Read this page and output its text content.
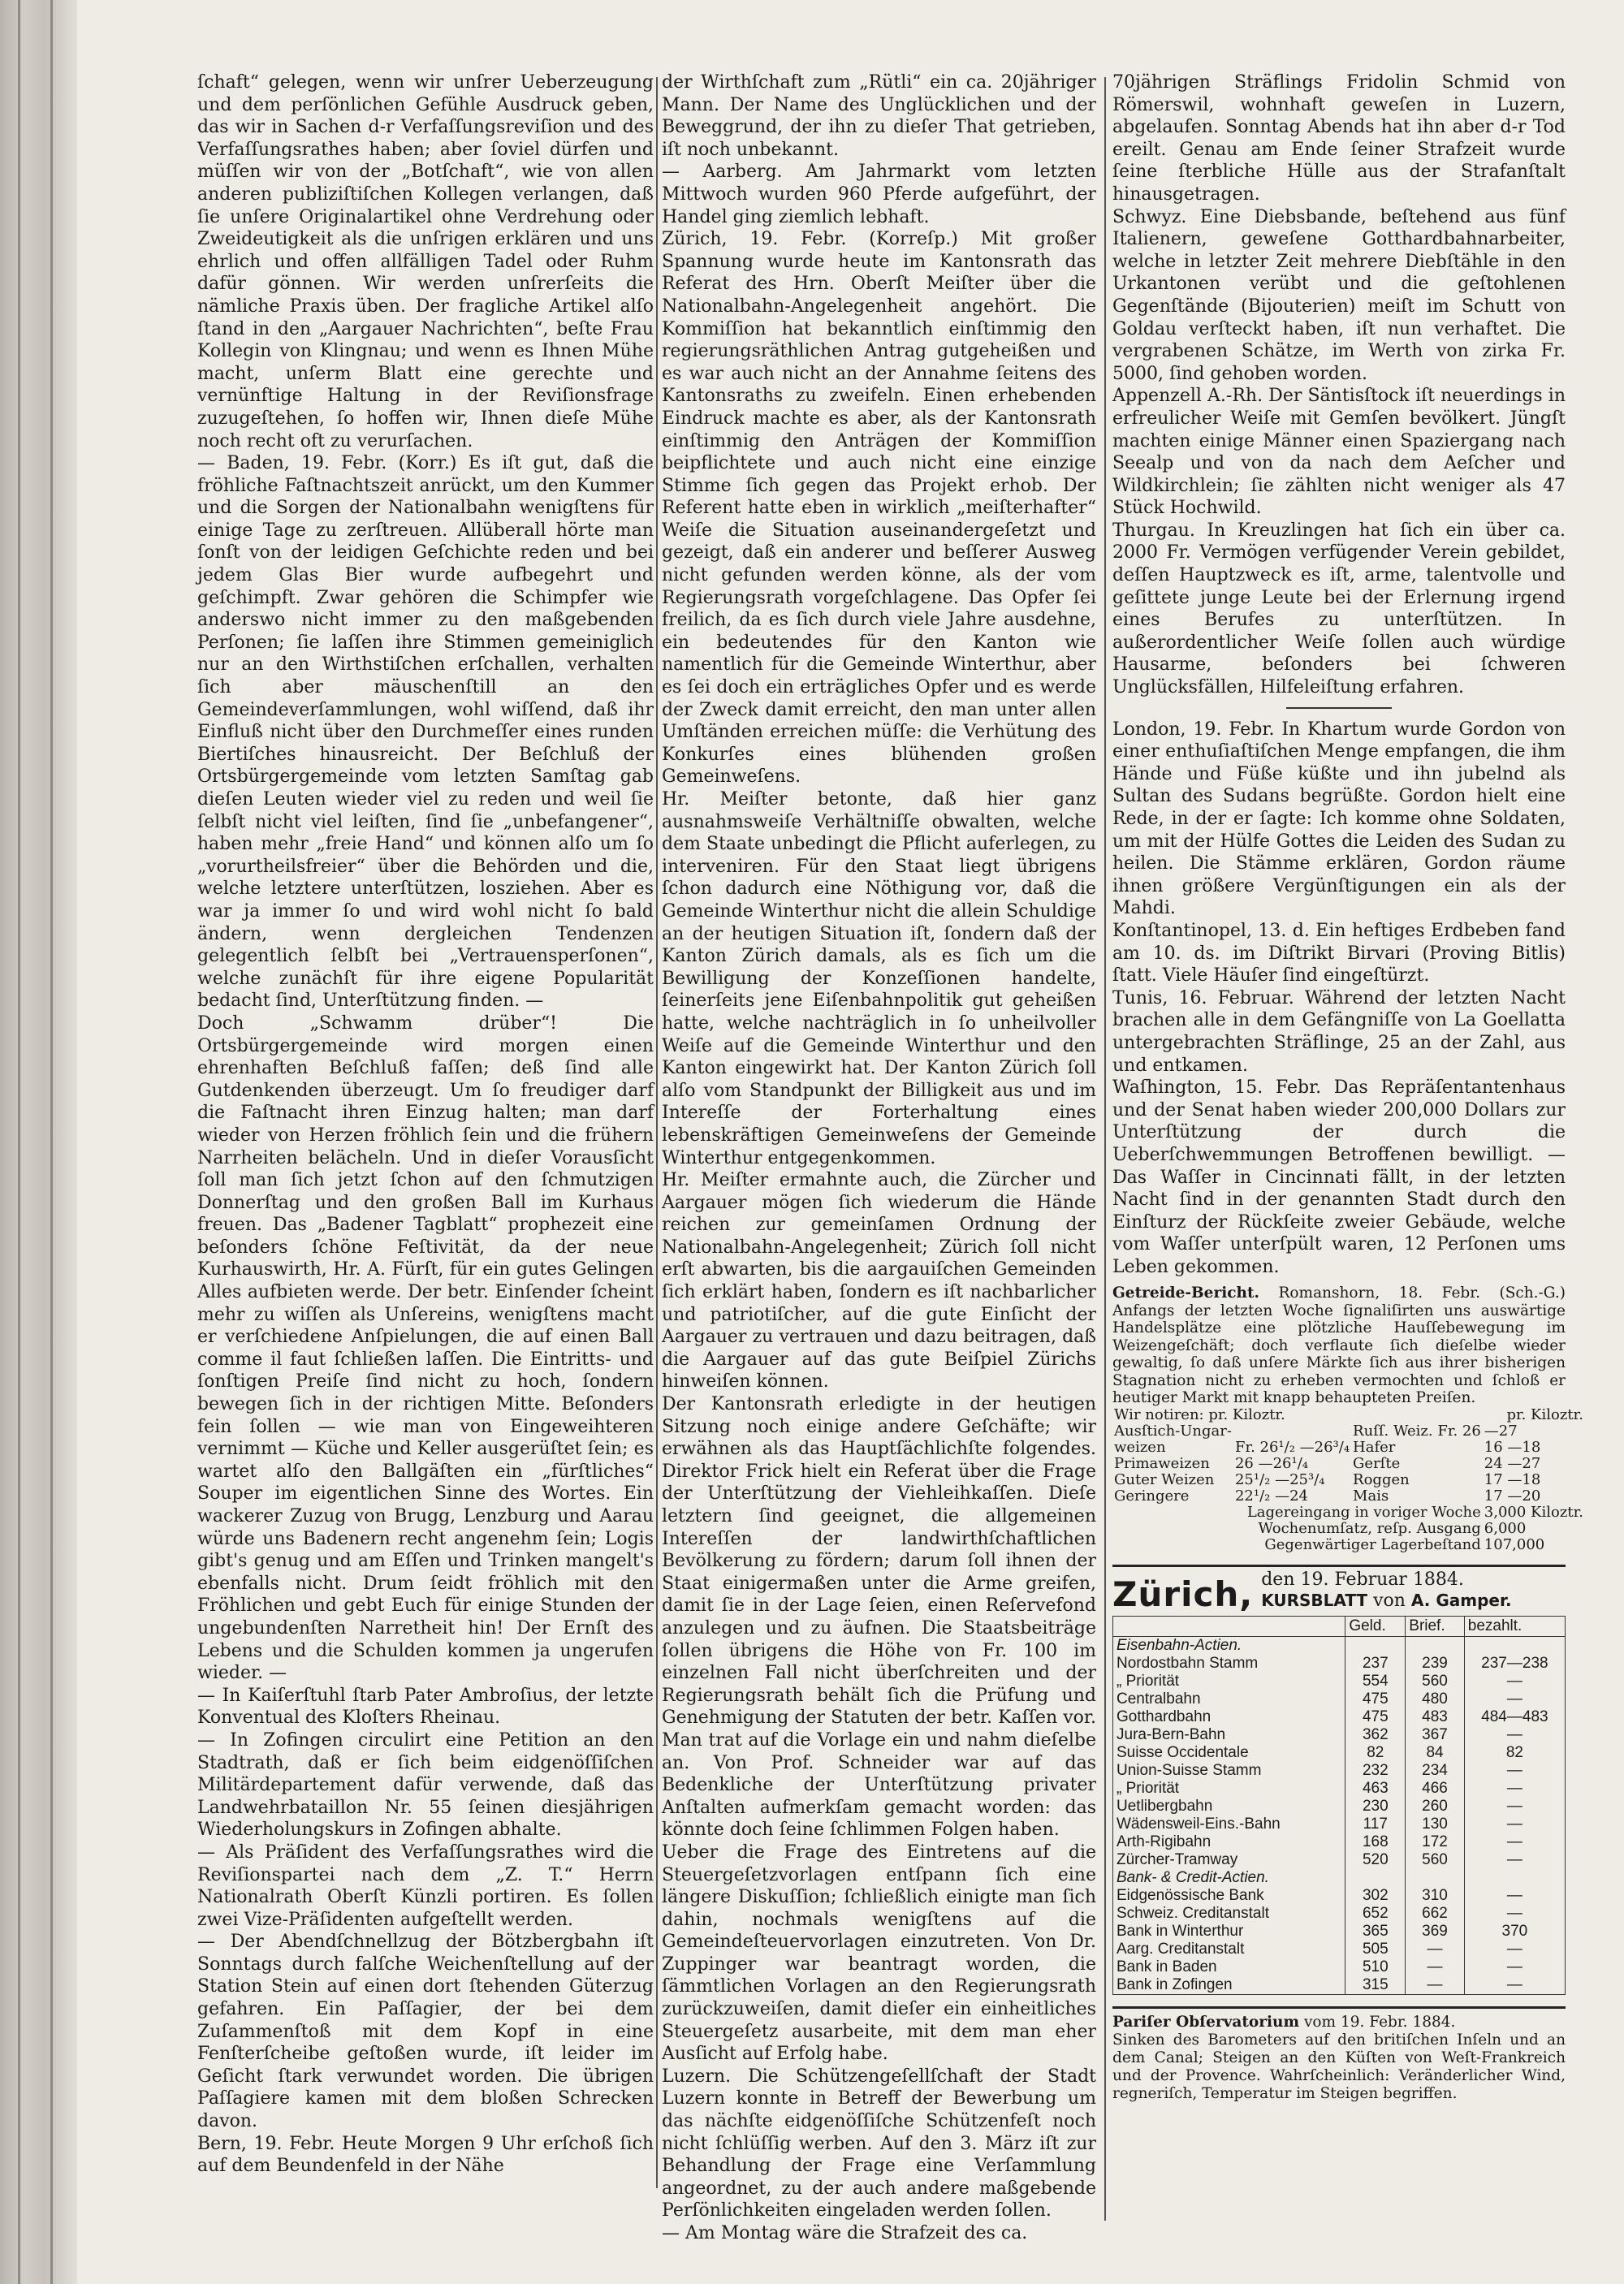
ſchaft“ gelegen, wenn wir unſrer Ueberzeugung und dem perſönlichen Gefühle Ausdruck geben, das wir in Sachen d-r Verfaſſungsreviſion und des Verfaſſungsrathes haben; aber ſoviel dürfen und müſſen wir von der „Botſchaft“, wie von allen anderen publiziſtiſchen Kollegen verlangen, daß ſie unſere Originalartikel ohne Verdrehung oder Zweideutigkeit als die unſrigen erklären und uns ehrlich und offen allfälligen Tadel oder Ruhm dafür gönnen. Wir werden unſrerſeits die nämliche Praxis üben. Der fragliche Artikel alſo ſtand in den „Aargauer Nachrichten“, beſte Frau Kollegin von Klingnau; und wenn es Ihnen Mühe macht, unſerm Blatt eine gerechte und vernünftige Haltung in der Reviſionsfrage zuzugeſtehen, ſo hoffen wir, Ihnen dieſe Mühe noch recht oft zu verurſachen.

— Baden, 19. Febr. (Korr.) Es iſt gut, daß die fröhliche Faſtnachtszeit anrückt, um den Kummer und die Sorgen der Nationalbahn wenigſtens für einige Tage zu zerſtreuen. Allüberall hörte man ſonſt von der leidigen Geſchichte reden und bei jedem Glas Bier wurde aufbegehrt und geſchimpft. Zwar gehören die Schimpfer wie anderswo nicht immer zu den maßgebenden Perſonen; ſie laſſen ihre Stimmen gemeiniglich nur an den Wirthstiſchen erſchallen, verhalten ſich aber mäuschenſtill an den Gemeindeverſammlungen, wohl wiſſend, daß ihr Einfluß nicht über den Durchmeſſer eines runden Biertiſches hinausreicht. Der Beſchluß der Ortsbürgergemeinde vom letzten Samſtag gab dieſen Leuten wieder viel zu reden und weil ſie ſelbſt nicht viel leiſten, ſind ſie „unbefangener“, haben mehr „freie Hand“ und können alſo um ſo „vorurtheilsfreier“ über die Behörden und die, welche letztere unterſtützen, losziehen. Aber es war ja immer ſo und wird wohl nicht ſo bald ändern, wenn dergleichen Tendenzen gelegentlich ſelbſt bei „Vertrauensperſonen“, welche zunächſt für ihre eigene Popularität bedacht ſind, Unterſtützung finden. —

Doch „Schwamm drüber“! Die Ortsbürgergemeinde wird morgen einen ehrenhaften Beſchluß faſſen; deß ſind alle Gutdenkenden überzeugt. Um ſo freudiger darf die Faſtnacht ihren Einzug halten; man darf wieder von Herzen fröhlich ſein und die frühern Narrheiten belächeln. Und in dieſer Vorausſicht ſoll man ſich jetzt ſchon auf den ſchmutzigen Donnerſtag und den großen Ball im Kurhaus freuen. Das „Badener Tagblatt“ prophezeit eine beſonders ſchöne Feſtivität, da der neue Kurhauswirth, Hr. A. Fürſt, für ein gutes Gelingen Alles aufbieten werde. Der betr. Einſender ſcheint mehr zu wiſſen als Unſereins, wenigſtens macht er verſchiedene Anſpielungen, die auf einen Ball comme il faut ſchließen laſſen. Die Eintritts- und ſonſtigen Preiſe ſind nicht zu hoch, ſondern bewegen ſich in der richtigen Mitte. Beſonders fein ſollen — wie man von Eingeweihteren vernimmt — Küche und Keller ausgerüſtet ſein; es wartet alſo den Ballgäſten ein „fürſtliches“ Souper im eigentlichen Sinne des Wortes. Ein wackerer Zuzug von Brugg, Lenzburg und Aarau würde uns Badenern recht angenehm ſein; Logis gibt's genug und am Eſſen und Trinken mangelt's ebenfalls nicht. Drum ſeidt fröhlich mit den Fröhlichen und gebt Euch für einige Stunden der ungebundenſten Narretheit hin! Der Ernſt des Lebens und die Schulden kommen ja ungerufen wieder. —

— In Kaiſerſtuhl ſtarb Pater Ambroſius, der letzte Konventual des Kloſters Rheinau.

— In Zofingen circulirt eine Petition an den Stadtrath, daß er ſich beim eidgenöſſiſchen Militärdepartement dafür verwende, daß das Landwehrbataillon Nr. 55 ſeinen diesjährigen Wiederholungskurs in Zofingen abhalte.

— Als Präſident des Verfaſſungsrathes wird die Reviſionspartei nach dem „Z. T.“ Herrn Nationalrath Oberſt Künzli portiren. Es ſollen zwei Vize-Präſidenten aufgeſtellt werden.

— Der Abendſchnellzug der Bötzbergbahn iſt Sonntags durch falſche Weichenſtellung auf der Station Stein auf einen dort ſtehenden Güterzug gefahren. Ein Paſſagier, der bei dem Zuſammenſtoß mit dem Kopf in eine Fenſterſcheibe geſtoßen wurde, iſt leider im Geſicht ſtark verwundet worden. Die übrigen Paſſagiere kamen mit dem bloßen Schrecken davon.

Bern, 19. Febr. Heute Morgen 9 Uhr erſchoß ſich auf dem Beundenfeld in der Nähe

der Wirthſchaft zum „Rütli“ ein ca. 20jähriger Mann. Der Name des Unglücklichen und der Beweggrund, der ihn zu dieſer That getrieben, iſt noch unbekannt.

— Aarberg. Am Jahrmarkt vom letzten Mittwoch wurden 960 Pferde aufgeführt, der Handel ging ziemlich lebhaft.

Zürich, 19. Febr. (Korreſp.) Mit großer Spannung wurde heute im Kantonsrath das Referat des Hrn. Oberſt Meiſter über die Nationalbahn-Angelegenheit angehört. Die Kommiſſion hat bekanntlich einſtimmig den regierungsräthlichen Antrag gutgeheißen und es war auch nicht an der Annahme ſeitens des Kantonsraths zu zweifeln. Einen erhebenden Eindruck machte es aber, als der Kantonsrath einſtimmig den Anträgen der Kommiſſion beipflichtete und auch nicht eine einzige Stimme ſich gegen das Projekt erhob. Der Referent hatte eben in wirklich „meiſterhafter“ Weiſe die Situation auseinandergeſetzt und gezeigt, daß ein anderer und beſſerer Ausweg nicht gefunden werden könne, als der vom Regierungsrath vorgeſchlagene. Das Opfer ſei freilich, da es ſich durch viele Jahre ausdehne, ein bedeutendes für den Kanton wie namentlich für die Gemeinde Winterthur, aber es ſei doch ein erträgliches Opfer und es werde der Zweck damit erreicht, den man unter allen Umſtänden erreichen müſſe: die Verhütung des Konkurſes eines blühenden großen Gemeinweſens.

Hr. Meiſter betonte, daß hier ganz ausnahmsweiſe Verhältniſſe obwalten, welche dem Staate unbedingt die Pflicht auferlegen, zu interveniren. Für den Staat liegt übrigens ſchon dadurch eine Nöthigung vor, daß die Gemeinde Winterthur nicht die allein Schuldige an der heutigen Situation iſt, ſondern daß der Kanton Zürich damals, als es ſich um die Bewilligung der Konzeſſionen handelte, ſeinerſeits jene Eiſenbahnpolitik gut geheißen hatte, welche nachträglich in ſo unheilvoller Weiſe auf die Gemeinde Winterthur und den Kanton eingewirkt hat. Der Kanton Zürich ſoll alſo vom Standpunkt der Billigkeit aus und im Intereſſe der Forterhaltung eines lebenskräftigen Gemeinweſens der Gemeinde Winterthur entgegenkommen.

Hr. Meiſter ermahnte auch, die Zürcher und Aargauer mögen ſich wiederum die Hände reichen zur gemeinſamen Ordnung der Nationalbahn-Angelegenheit; Zürich ſoll nicht erſt abwarten, bis die aargauiſchen Gemeinden ſich erklärt haben, ſondern es iſt nachbarlicher und patriotiſcher, auf die gute Einſicht der Aargauer zu vertrauen und dazu beitragen, daß die Aargauer auf das gute Beiſpiel Zürichs hinweiſen können.

Der Kantonsrath erledigte in der heutigen Sitzung noch einige andere Geſchäfte; wir erwähnen als das Hauptſächlichſte folgendes. Direktor Frick hielt ein Referat über die Frage der Unterſtützung der Viehleihkaſſen. Dieſe letztern ſind geeignet, die allgemeinen Intereſſen der landwirthſchaftlichen Bevölkerung zu fördern; darum ſoll ihnen der Staat einigermaßen unter die Arme greifen, damit ſie in der Lage ſeien, einen Reſervefond anzulegen und zu äufnen. Die Staatsbeiträge ſollen übrigens die Höhe von Fr. 100 im einzelnen Fall nicht überſchreiten und der Regierungsrath behält ſich die Prüfung und Genehmigung der Statuten der betr. Kaſſen vor. Man trat auf die Vorlage ein und nahm dieſelbe an. Von Prof. Schneider war auf das Bedenkliche der Unterſtützung privater Anſtalten aufmerkſam gemacht worden: das könnte doch ſeine ſchlimmen Folgen haben.

Ueber die Frage des Eintretens auf die Steuergeſetzvorlagen entſpann ſich eine längere Diskuſſion; ſchließlich einigte man ſich dahin, nochmals wenigſtens auf die Gemeindeſteuervorlagen einzutreten. Von Dr. Zuppinger war beantragt worden, die ſämmtlichen Vorlagen an den Regierungsrath zurückzuweiſen, damit dieſer ein einheitliches Steuergeſetz ausarbeite, mit dem man eher Ausſicht auf Erfolg habe.

Luzern. Die Schützengeſellſchaft der Stadt Luzern konnte in Betreff der Bewerbung um das nächſte eidgenöſſiſche Schützenfeſt noch nicht ſchlüſſig werben. Auf den 3. März iſt zur Behandlung der Frage eine Verſammlung angeordnet, zu der auch andere maßgebende Perſönlichkeiten eingeladen werden ſollen.

— Am Montag wäre die Strafzeit des ca.

70jährigen Sträflings Fridolin Schmid von Römerswil, wohnhaft geweſen in Luzern, abgelaufen. Sonntag Abends hat ihn aber d-r Tod ereilt. Genau am Ende ſeiner Strafzeit wurde ſeine ſterbliche Hülle aus der Strafanſtalt hinausgetragen.

Schwyz. Eine Diebsbande, beſtehend aus fünf Italienern, geweſene Gotthardbahnarbeiter, welche in letzter Zeit mehrere Diebſtähle in den Urkantonen verübt und die geſtohlenen Gegenſtände (Bijouterien) meiſt im Schutt von Goldau verſteckt haben, iſt nun verhaftet. Die vergrabenen Schätze, im Werth von zirka Fr. 5000, ſind gehoben worden.

Appenzell A.-Rh. Der Säntisſtock iſt neuerdings in erfreulicher Weiſe mit Gemſen bevölkert. Jüngſt machten einige Männer einen Spaziergang nach Seealp und von da nach dem Aeſcher und Wildkirchlein; ſie zählten nicht weniger als 47 Stück Hochwild.

Thurgau. In Kreuzlingen hat ſich ein über ca. 2000 Fr. Vermögen verfügender Verein gebildet, deſſen Hauptzweck es iſt, arme, talentvolle und geſittete junge Leute bei der Erlernung irgend eines Berufes zu unterſtützen. In außerordentlicher Weiſe ſollen auch würdige Hausarme, beſonders bei ſchweren Unglücksfällen, Hilfeleiſtung erfahren.

London, 19. Febr. In Khartum wurde Gordon von einer enthuſiaſtiſchen Menge empfangen, die ihm Hände und Füße küßte und ihn jubelnd als Sultan des Sudans begrüßte. Gordon hielt eine Rede, in der er ſagte: Ich komme ohne Soldaten, um mit der Hülfe Gottes die Leiden des Sudan zu heilen. Die Stämme erklären, Gordon räume ihnen größere Vergünſtigungen ein als der Mahdi.

Konſtantinopel, 13. d. Ein heftiges Erdbeben fand am 10. ds. im Diſtrikt Birvari (Proving Bitlis) ſtatt. Viele Häuſer ſind eingeſtürzt.

Tunis, 16. Februar. Während der letzten Nacht brachen alle in dem Gefängniſſe von La Goellatta untergebrachten Sträflinge, 25 an der Zahl, aus und entkamen.

Waſhington, 15. Febr. Das Repräſentantenhaus und der Senat haben wieder 200,000 Dollars zur Unterſtützung der durch die Ueberſchwemmungen Betroffenen bewilligt. — Das Waſſer in Cincinnati fällt, in der letzten Nacht ſind in der genannten Stadt durch den Einſturz der Rückſeite zweier Gebäude, welche vom Waſſer unterſpült waren, 12 Perſonen ums Leben gekommen.

Getreide-Bericht. Romanshorn, 18. Febr. (Sch.-G.) Anfangs der letzten Woche ſignaliſirten uns auswärtige Handelsplätze eine plötzliche Hauſſebewegung im Weizengeſchäft; doch verflaute ſich dieſelbe wieder gewaltig, ſo daß unſere Märkte ſich aus ihrer bisherigen Stagnation nicht zu erheben vermochten und ſchloß er heutiger Markt mit knapp behaupteten Preiſen.
Wir notiren: pr. Kiloztr.		pr. Kiloztr.	
Ausſtich-Ungar-		Ruſſ. Weiz. Fr. 26	—27
weizen	Fr. 26¹/₂ —26³/₄	Hafer	16 —18
Primaweizen	26 —26¹/₄	Gerſte	24 —27
Guter Weizen	25¹/₂ —25³/₄	Roggen	17 —18
Geringere	22¹/₂ —24	Mais	17 —20
Lagereingang in voriger Woche			3,000 Kiloztr.
Wochenumſatz, reſp. Ausgang			6,000
Gegenwärtiger Lagerbeſtand			107,000
Zürich, den 19. Februar 1884.
KURSBLATT von A. Gamper.
	Geld.	Brief.	bezahlt.
Eisenbahn-Actien.			
Nordostbahn Stamm	237	239	237—238
„ Priorität	554	560	—
Centralbahn	475	480	—
Gotthardbahn	475	483	484—483
Jura-Bern-Bahn	362	367	—
Suisse Occidentale	82	84	82
Union-Suisse Stamm	232	234	—
„ Priorität	463	466	—
Uetlibergbahn	230	260	—
Wädensweil-Eins.-Bahn	117	130	—
Arth-Rigibahn	168	172	—
Zürcher-Tramway	520	560	—
Bank- & Credit-Actien.			
Eidgenössische Bank	302	310	—
Schweiz. Creditanstalt	652	662	—
Bank in Winterthur	365	369	370
Aarg. Creditanstalt	505	—	—
Bank in Baden	510	—	—
Bank in Zofingen	315	—	—
Pariſer Obſervatorium vom 19. Febr. 1884.
Sinken des Barometers auf den britiſchen Inſeln und an dem Canal; Steigen an den Küſten von Weſt-Frankreich und der Provence. Wahrſcheinlich: Veränderlicher Wind, regneriſch, Temperatur im Steigen begriffen.
